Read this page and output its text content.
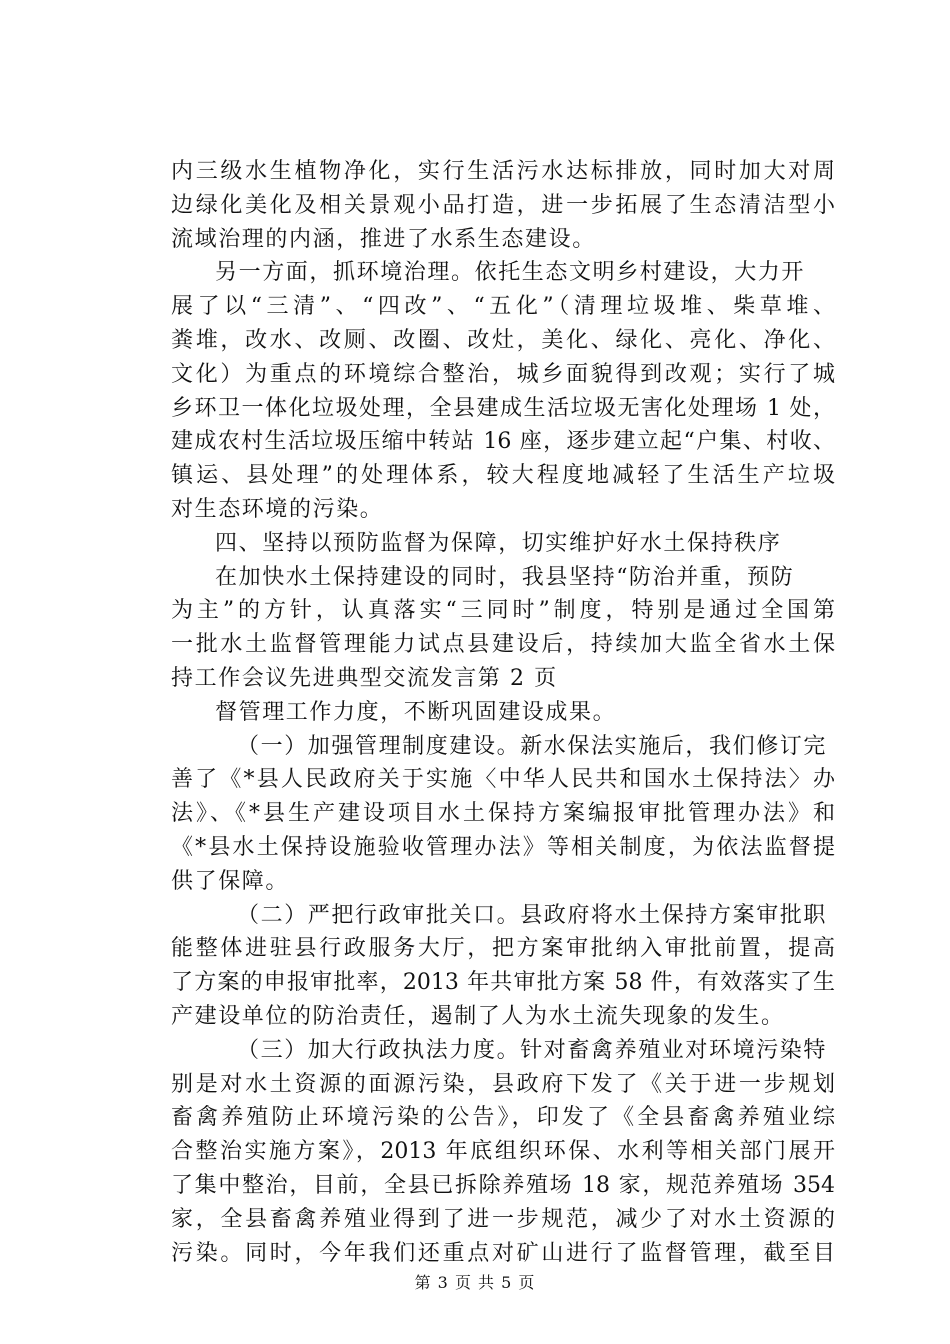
内三级水生植物净化，实行生活污水达标排放，同时加大对周
边绿化美化及相关景观小品打造，进一步拓展了生态清洁型小
流域治理的内涵，推进了水系生态建设。
另一方面，抓环境治理。依托生态文明乡村建设，大力开
展了以“三清”、“四改”、“五化”（清理垃圾堆、柴草堆、
粪堆，改水、改厕、改圈、改灶，美化、绿化、亮化、净化、
文化）为重点的环境综合整治，城乡面貌得到改观；实行了城
乡环卫一体化垃圾处理，全县建成生活垃圾无害化处理场 1 处，
建成农村生活垃圾压缩中转站 16 座，逐步建立起“户集、村收、
镇运、县处理”的处理体系，较大程度地减轻了生活生产垃圾
对生态环境的污染。
四、坚持以预防监督为保障，切实维护好水土保持秩序
在加快水土保持建设的同时，我县坚持“防治并重，预防
为主”的方针，认真落实“三同时”制度，特别是通过全国第
一批水土监督管理能力试点县建设后，持续加大监全省水土保
持工作会议先进典型交流发言第 2 页
督管理工作力度，不断巩固建设成果。
（一）加强管理制度建设。新水保法实施后，我们修订完
善了《*县人民政府关于实施〈中华人民共和国水土保持法〉办
法》、《*县生产建设项目水土保持方案编报审批管理办法》和
《*县水土保持设施验收管理办法》等相关制度，为依法监督提
供了保障。
（二）严把行政审批关口。县政府将水土保持方案审批职
能整体进驻县行政服务大厅，把方案审批纳入审批前置，提高
了方案的申报审批率，2013 年共审批方案 58 件，有效落实了生
产建设单位的防治责任，遏制了人为水土流失现象的发生。
（三）加大行政执法力度。针对畜禽养殖业对环境污染特
别是对水土资源的面源污染，县政府下发了《关于进一步规划
畜禽养殖防止环境污染的公告》，印发了《全县畜禽养殖业综
合整治实施方案》，2013 年底组织环保、水利等相关部门展开
了集中整治，目前，全县已拆除养殖场 18 家，规范养殖场 354
家，全县畜禽养殖业得到了进一步规范，减少了对水土资源的
污染。同时，今年我们还重点对矿山进行了监督管理，截至目
第 3 页 共 5 页
